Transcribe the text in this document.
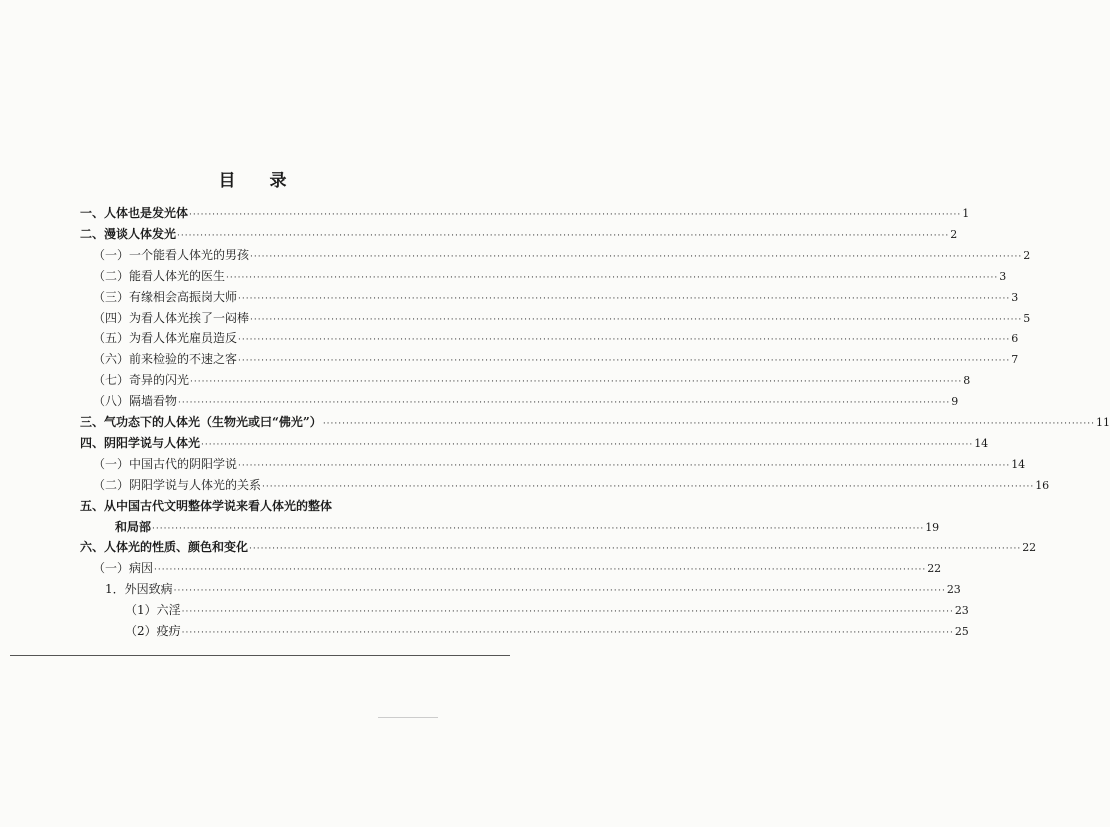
目 录
一、人体也是发光体 ········································································································································································································ 1
二、漫谈人体发光 ········································································································································································································ 2
（一）一个能看人体光的男孩 ········································································································································································································ 2
（二）能看人体光的医生 ········································································································································································································ 3
（三）有缘相会高振岗大师 ········································································································································································································ 3
（四）为看人体光挨了一闷棒 ········································································································································································································ 5
（五）为看人体光雇员造反 ········································································································································································································ 6
（六）前来检验的不速之客 ········································································································································································································ 7
（七）奇异的闪光 ········································································································································································································ 8
（八）隔墙看物 ········································································································································································································ 9
三、气功态下的人体光（生物光或曰“佛光”） ········································································································································································································ 11
四、阴阳学说与人体光 ········································································································································································································ 14
（一）中国古代的阴阳学说 ········································································································································································································ 14
（二）阴阳学说与人体光的关系 ········································································································································································································ 16
五、从中国古代文明整体学说来看人体光的整体
和局部 ········································································································································································································ 19
六、人体光的性质、颜色和变化 ········································································································································································································ 22
（一）病因 ········································································································································································································ 22
1．外因致病 ········································································································································································································ 23
（1）六淫 ········································································································································································································ 23
（2）疫疠 ········································································································································································································ 25
